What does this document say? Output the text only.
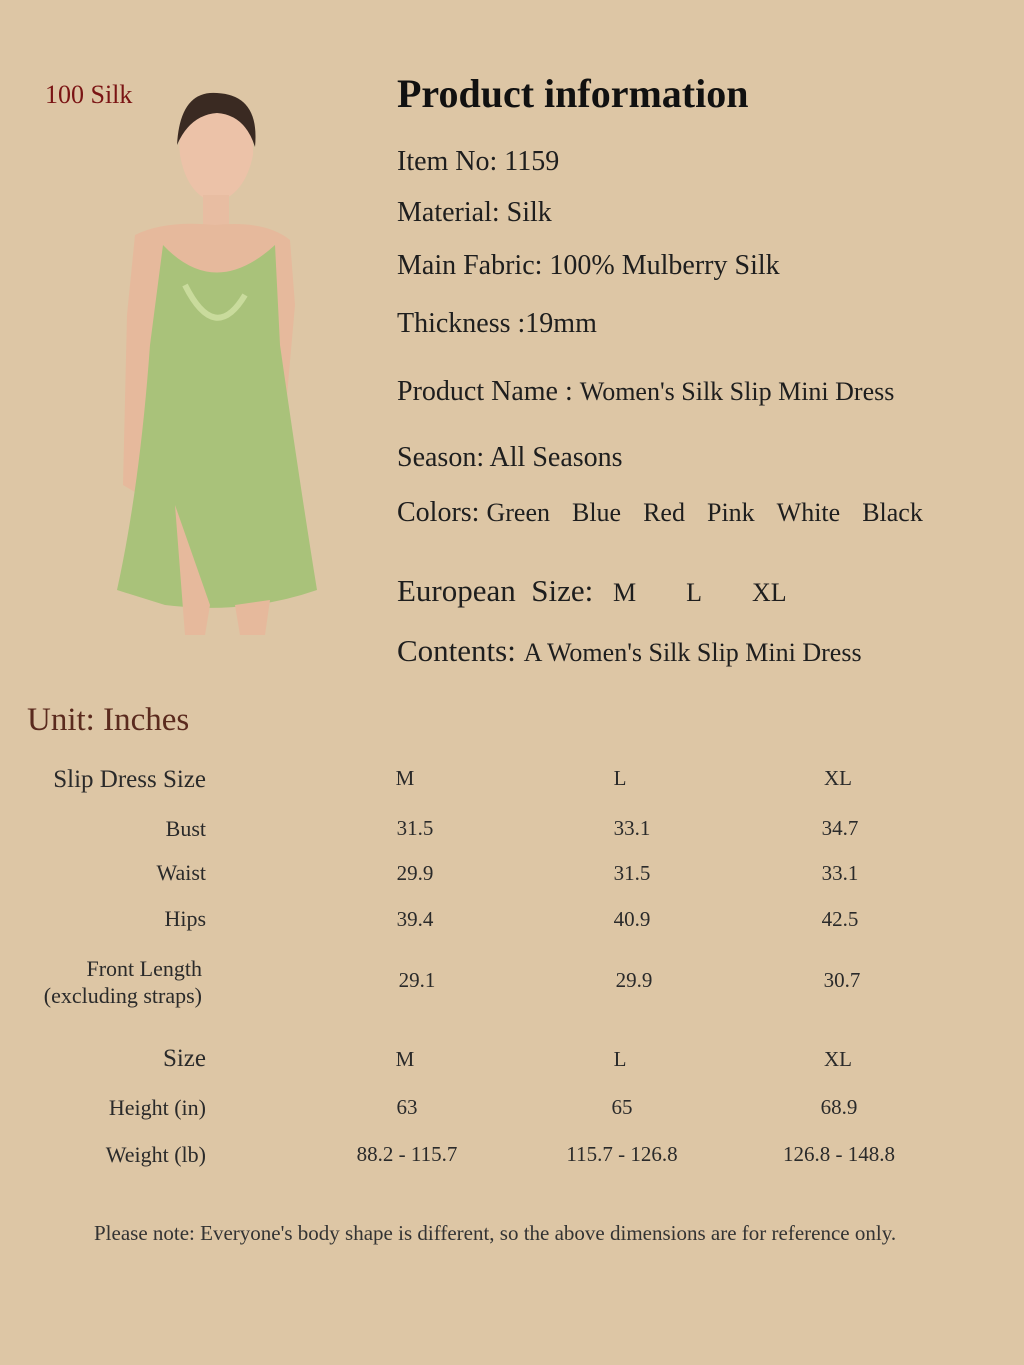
100 Silk	Product information
Item No: 1159
Material: Silk
Main Fabric: 100% Mulberry Silk
Thickness :19mm
Product Name : Women's Silk Slip Mini Dress
Season: All Seasons
Colors: Green Blue Red Pink White Black
European  Size: M L XL
Contents: A Women's Silk Slip Mini Dress
Unit: Inches
Slip Dress Size	M	L	XL
Bust	31.5	33.1	34.7
Waist	29.9	31.5	33.1
Hips	39.4	40.9	42.5
Front Length
(excluding straps)
29.1	29.9	30.7
Size	M	L	XL
Height (in)	63	65	68.9
Weight (lb)	88.2 - 115.7	115.7 - 126.8	126.8 - 148.8
Please note: Everyone's body shape is different, so the above dimensions are for reference only.
